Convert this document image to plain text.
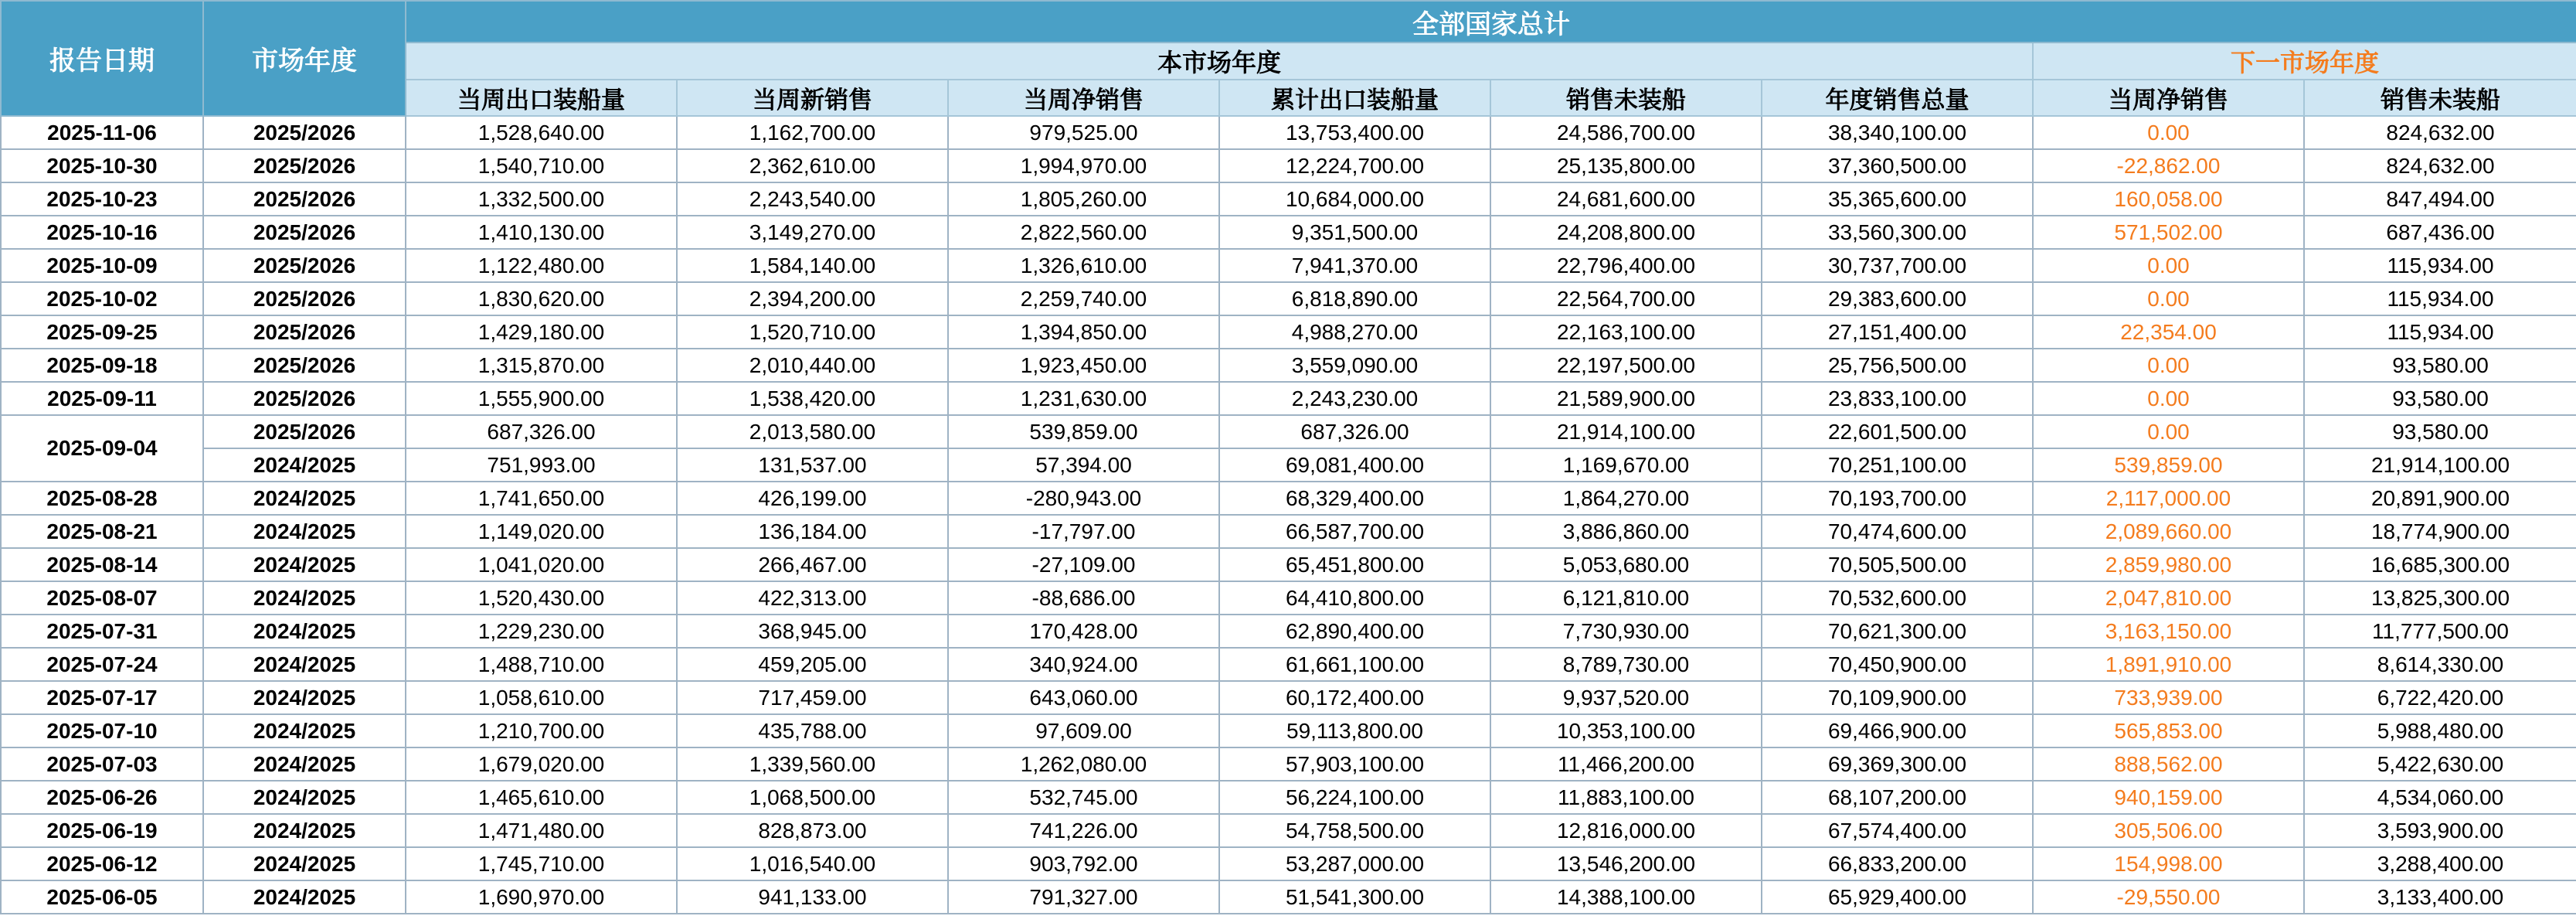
报告日期	市场年度	全部国家总计							
		本市场年度						下一市场年度	
		当周出口装船量	当周新销售	当周净销售	累计出口装船量	销售未装船	年度销售总量	当周净销售	销售未装船
2025-11-06	2025/2026	1,528,640.00	1,162,700.00	979,525.00	13,753,400.00	24,586,700.00	38,340,100.00	0.00	824,632.00
2025-10-30	2025/2026	1,540,710.00	2,362,610.00	1,994,970.00	12,224,700.00	25,135,800.00	37,360,500.00	-22,862.00	824,632.00
2025-10-23	2025/2026	1,332,500.00	2,243,540.00	1,805,260.00	10,684,000.00	24,681,600.00	35,365,600.00	160,058.00	847,494.00
2025-10-16	2025/2026	1,410,130.00	3,149,270.00	2,822,560.00	9,351,500.00	24,208,800.00	33,560,300.00	571,502.00	687,436.00
2025-10-09	2025/2026	1,122,480.00	1,584,140.00	1,326,610.00	7,941,370.00	22,796,400.00	30,737,700.00	0.00	115,934.00
2025-10-02	2025/2026	1,830,620.00	2,394,200.00	2,259,740.00	6,818,890.00	22,564,700.00	29,383,600.00	0.00	115,934.00
2025-09-25	2025/2026	1,429,180.00	1,520,710.00	1,394,850.00	4,988,270.00	22,163,100.00	27,151,400.00	22,354.00	115,934.00
2025-09-18	2025/2026	1,315,870.00	2,010,440.00	1,923,450.00	3,559,090.00	22,197,500.00	25,756,500.00	0.00	93,580.00
2025-09-11	2025/2026	1,555,900.00	1,538,420.00	1,231,630.00	2,243,230.00	21,589,900.00	23,833,100.00	0.00	93,580.00
2025-09-04	2025/2026	687,326.00	2,013,580.00	539,859.00	687,326.00	21,914,100.00	22,601,500.00	0.00	93,580.00
	2024/2025	751,993.00	131,537.00	57,394.00	69,081,400.00	1,169,670.00	70,251,100.00	539,859.00	21,914,100.00
2025-08-28	2024/2025	1,741,650.00	426,199.00	-280,943.00	68,329,400.00	1,864,270.00	70,193,700.00	2,117,000.00	20,891,900.00
2025-08-21	2024/2025	1,149,020.00	136,184.00	-17,797.00	66,587,700.00	3,886,860.00	70,474,600.00	2,089,660.00	18,774,900.00
2025-08-14	2024/2025	1,041,020.00	266,467.00	-27,109.00	65,451,800.00	5,053,680.00	70,505,500.00	2,859,980.00	16,685,300.00
2025-08-07	2024/2025	1,520,430.00	422,313.00	-88,686.00	64,410,800.00	6,121,810.00	70,532,600.00	2,047,810.00	13,825,300.00
2025-07-31	2024/2025	1,229,230.00	368,945.00	170,428.00	62,890,400.00	7,730,930.00	70,621,300.00	3,163,150.00	11,777,500.00
2025-07-24	2024/2025	1,488,710.00	459,205.00	340,924.00	61,661,100.00	8,789,730.00	70,450,900.00	1,891,910.00	8,614,330.00
2025-07-17	2024/2025	1,058,610.00	717,459.00	643,060.00	60,172,400.00	9,937,520.00	70,109,900.00	733,939.00	6,722,420.00
2025-07-10	2024/2025	1,210,700.00	435,788.00	97,609.00	59,113,800.00	10,353,100.00	69,466,900.00	565,853.00	5,988,480.00
2025-07-03	2024/2025	1,679,020.00	1,339,560.00	1,262,080.00	57,903,100.00	11,466,200.00	69,369,300.00	888,562.00	5,422,630.00
2025-06-26	2024/2025	1,465,610.00	1,068,500.00	532,745.00	56,224,100.00	11,883,100.00	68,107,200.00	940,159.00	4,534,060.00
2025-06-19	2024/2025	1,471,480.00	828,873.00	741,226.00	54,758,500.00	12,816,000.00	67,574,400.00	305,506.00	3,593,900.00
2025-06-12	2024/2025	1,745,710.00	1,016,540.00	903,792.00	53,287,000.00	13,546,200.00	66,833,200.00	154,998.00	3,288,400.00
2025-06-05	2024/2025	1,690,970.00	941,133.00	791,327.00	51,541,300.00	14,388,100.00	65,929,400.00	-29,550.00	3,133,400.00
